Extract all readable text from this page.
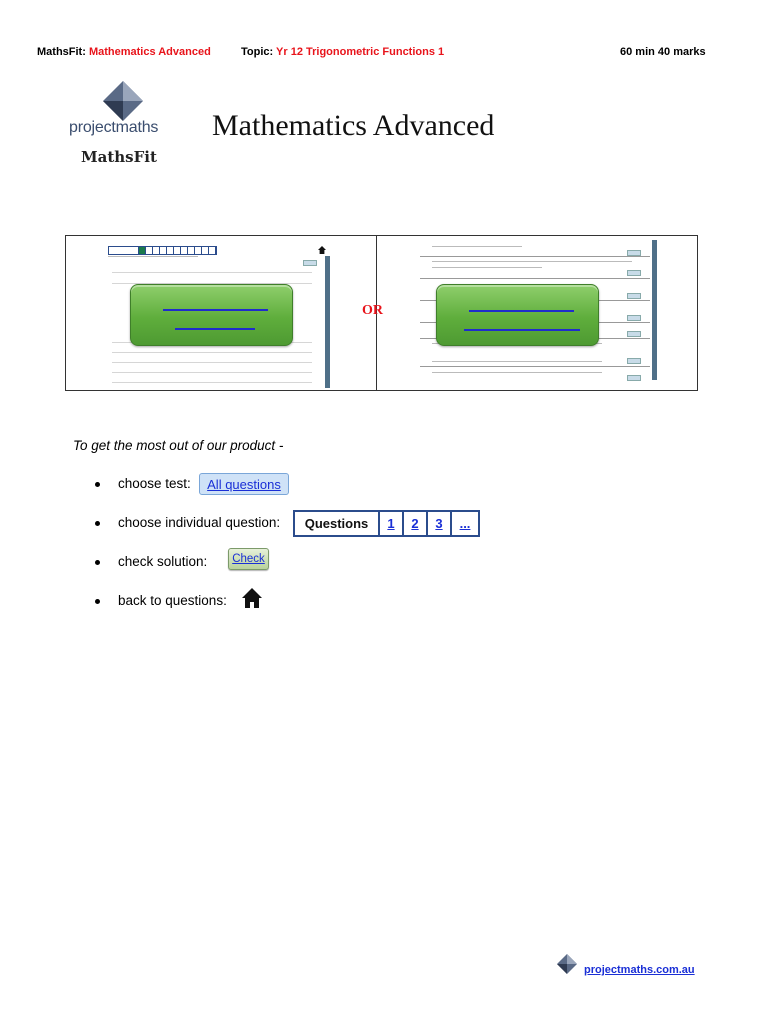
MathsFit: Mathematics Advanced	Topic: Yr 12 Trigonometric Functions 1	60 min 40 marks
projectmaths
MathsFit
Mathematics Advanced
OR
To get the most out of our product -
choose test:	All questions
choose individual question:	Questions	1	2	3	...
check solution:	Check
back to questions:
projectmaths.com.au
